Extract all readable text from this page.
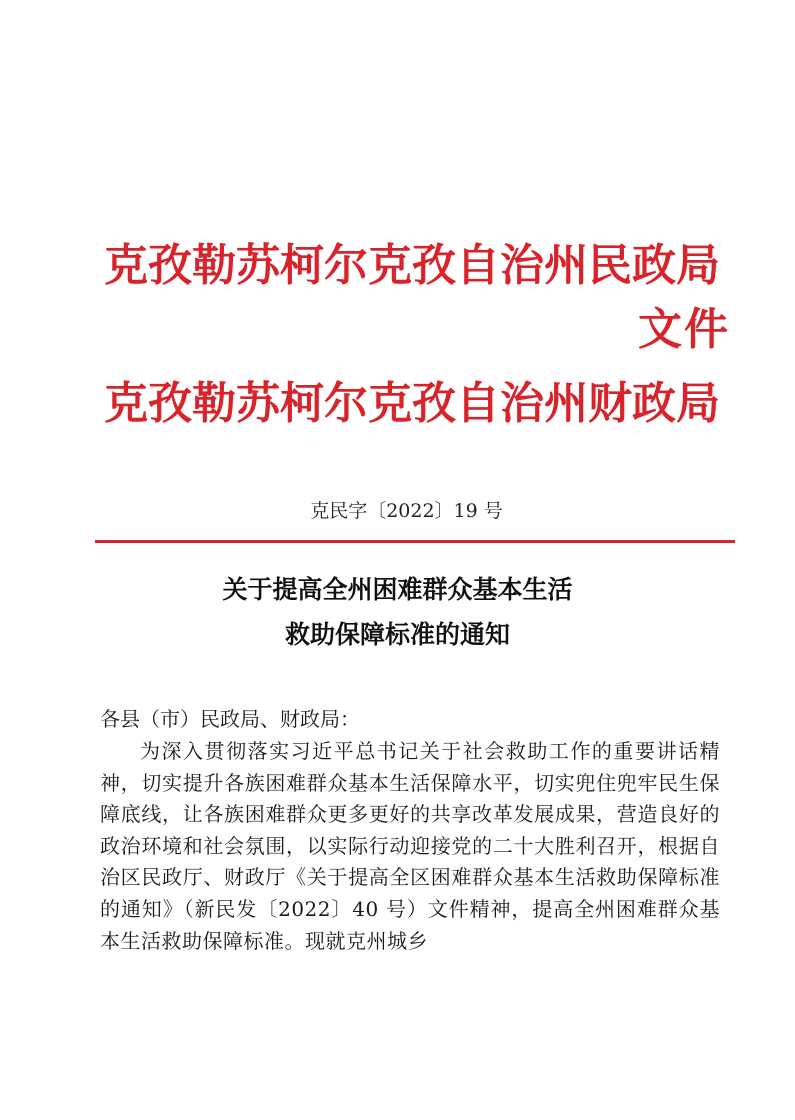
克孜勒苏柯尔克孜自治州民政局
文件
克孜勒苏柯尔克孜自治州财政局
克民字〔2022〕19 号
关于提高全州困难群众基本生活
救助保障标准的通知
各县（市）民政局、财政局：
为深入贯彻落实习近平总书记关于社会救助工作的重要讲话精神，切实提升各族困难群众基本生活保障水平，切实兜住兜牢民生保障底线，让各族困难群众更多更好的共享改革发展成果，营造良好的政治环境和社会氛围，以实际行动迎接党的二十大胜利召开，根据自治区民政厅、财政厅《关于提高全区困难群众基本生活救助保障标准的通知》（新民发〔2022〕40 号）文件精神，提高全州困难群众基本生活救助保障标准。现就克州城乡
